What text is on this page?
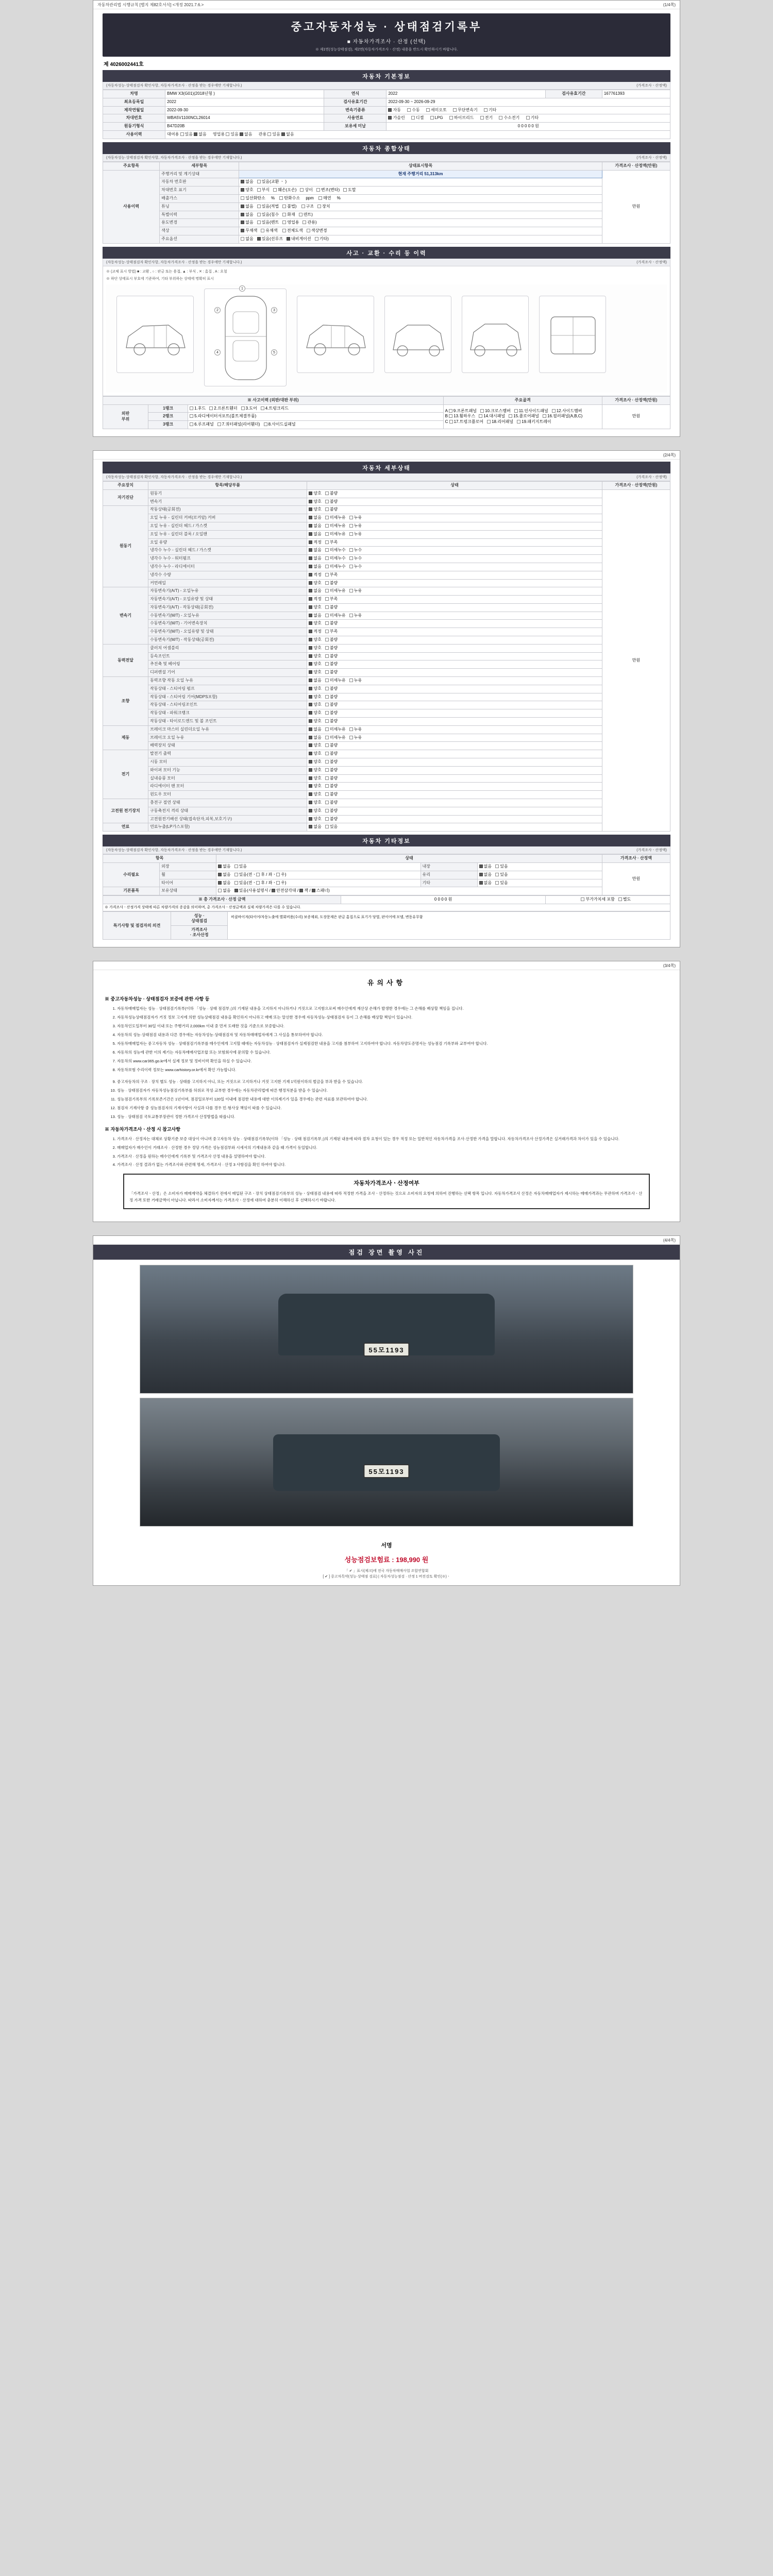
자동차관리법 시행규칙 [별지 제82호서식] <개정 2021.7.6.>	(1/4쪽)
중고자동차성능 · 상태점검기록부
■ 자동차가격조사 · 산정 (선택)
※ 제1면(성능상태점검), 제2면(자동차가격조사ㆍ산정) 내용을 반드시 확인하시기 바랍니다.
제 4026002441호
자동차 기본정보
(자동차성능·상태점검자 확인사항, 자동차가격조사 · 산정을 받는 경우에만 기재합니다.)	(가격조사ㆍ산정액)
차명	BMW X3(G01)(2018년형 )	연식	2022	검사유효기간	167761393
최초등록일	2022	검사유효기간	2022-09-30 ~ 2026-09-29		
제작연월일	2022-09-30	변속기종류	자동 수동 세미오토 무단변속기 기타		
차대번호	WBA5V1100NCL26014	사용연료	가솔린 디젤 LPG 하이브리드 전기 수소전기 기타		
원동기형식	B47D20B	보유세 미납	0 0 0 0 0 원		
사용이력	대여용 있음 없음 영업용 있음 없음 관용 있음 없음				
자동차 종합상태
(자동차성능·상태점검자 확인사항, 자동차가격조사 · 산정을 받는 경우에만 기재합니다.)	(가격조사ㆍ산정액)
주요항목	세부항목	상태표시항목	가격조사 · 산정액(만원)
사용이력	주행거리 및 계기상태	현재 주행거리 51,313km	만원
	자동차 번호판	없음 있음(교환 ㆍ )	
	차대번호 표기	양호 부식 훼손(오손) 상이 변조(변타) 도말	
	배출가스	일산화탄소     % 탄화수소     ppm 매연     %	
	튜닝	없음 있음(적법 불법) 구조 장치	
	특별이력	없음 있음(침수 화재 덴트)	
	용도변경	없음 있음(렌트 영업용 관용)	
	색상	무채색 유채색 전체도색 색상변경	
	주요옵션	없음 있음(선루프 내비게이션 기타)	
사고 · 교환 · 수리 등 이력
(자동차성능·상태점검자 확인사항, 자동차가격조사 · 산정을 받는 경우에만 기재합니다.)	(가격조사ㆍ산정액)
※ (교체 표시 방법) ■ : 교환 , ○ : 판금 또는 용접, ▲ : 부식 , ✕ : 흠집 , A : 요철
※ 하단 상태표시 부호에 기준하여, 기타 부위하는 상태에 명확히 표시
1
2	3
4	5
※ 사고이력 (외판/대판 부위)			주요골격	가격조사 · 산정액(만원)
외판
부위	1랭크	1.후드 2.프론트휀더 3.도어 4.트렁크리드	
A 9.프론트패널 10.크로스멤버 11.인사이드패널 12.사이드멤버
B 13.휠하우스 14.대시패널 15.플로어패널 16.필러패널(A,B,C)
C 17.트렁크플로어 18.리어패널 19.패키지트레이
	만원
	2랭크	5.라디에이터서포트(볼트체결부품)		
	3랭크	6.루프패널 7.쿼터패널(리어휀더) 8.사이드실패널		
(2/4쪽)
자동차 세부상태
(자동차성능·상태점검자 확인사항, 자동차가격조사 · 산정을 받는 경우에만 기재합니다.)	(가격조사ㆍ산정액)
주요장치	항목/해당부품	상태	가격조사 · 산정액(만원)
자기진단	원동기	양호 불량	만원
	변속기	양호 불량	
원동기	작동상태(공회전)	양호 불량	
	오일 누유 - 실린더 커버(로커암) 커버	없음 미세누유 누유	
	오일 누유 - 실린더 헤드 / 가스켓	없음 미세누유 누유	
	오일 누유 - 실린더 블록 / 오일팬	없음 미세누유 누유	
	오일 유량	적정 부족	
	냉각수 누수 - 실린더 헤드 / 가스켓	없음 미세누수 누수	
	냉각수 누수 - 워터펌프	없음 미세누수 누수	
	냉각수 누수 - 라디에이터	없음 미세누수 누수	
	냉각수 수량	적정 부족	
	커먼레일	양호 불량	
변속기	자동변속기(A/T) - 오일누유	없음 미세누유 누유	
	자동변속기(A/T) - 오일유량 및 상태	적정 부족	
	자동변속기(A/T) - 작동상태(공회전)	양호 불량	
	수동변속기(M/T) - 오일누유	없음 미세누유 누유	
	수동변속기(M/T) - 기어변속장치	양호 불량	
	수동변속기(M/T) - 오일유량 및 상태	적정 부족	
	수동변속기(M/T) - 작동상태(공회전)	양호 불량	
동력전달	클러치 어셈블리	양호 불량	
	등속조인트	양호 불량	
	추진축 및 베어링	양호 불량	
	디퍼렌셜 기어	양호 불량	
조향	동력조향 작동 오일 누유	없음 미세누유 누유	
	작동상태 - 스티어링 펌프	양호 불량	
	작동상태 - 스티어링 기어(MDPS포함)	양호 불량	
	작동상태 - 스티어링조인트	양호 불량	
	작동상태 - 파워크랭크	양호 불량	
	작동상태 - 타이로드엔드 및 볼 조인트	양호 불량	
제동	브레이크 마스터 실린더오일 누유	없음 미세누유 누유	
	브레이크 오일 누유	없음 미세누유 누유	
	배력장치 상태	양호 불량	
전기	발전기 출력	양호 불량	
	시동 모터	양호 불량	
	와이퍼 모터 기능	양호 불량	
	실내송풍 모터	양호 불량	
	라디에이터 팬 모터	양호 불량	
	윈도우 모터	양호 불량	
고전원 전기장치	충전구 절연 상태	양호 불량	
	구동축전지 격리 상태	양호 불량	
	고전원전기배선 상태(접속단자,피복,보호기구)	양호 불량	
연료	연료누출(LP가스포함)	없음 있음	
자동차 기타정보
(자동차성능·상태점검자 확인사항, 자동차가격조사 · 산정을 받는 경우에만 기재합니다.)	(가격조사ㆍ산정액)
항목		상태			가격조사 · 산정액
수리필요	외장	없음 있음	내장	없음 있음	만원
	휠	없음 있음(전ㆍ 후 / 좌ㆍ 우)	유리	없음 있음	
	타이어	없음 있음(전ㆍ 후 / 좌ㆍ 우)	기타	없음 있음	
기본품목	보유상태	없음 있음(사용설명서 / 안전삼각대 / 잭 / 스패너)			
※ 총 가격조사 · 산정 금액	0 0 0 0 원	부가가치세 포함 별도
※ 가격조사ㆍ산정가격 상태에 따른 차량가격의 증감을 의미하며, 총 가격조사ㆍ산정금액과 실제 차량가격은 다를 수 있습니다.
특기사항 및 점검자의 의견	성능 ·
상태점검	비클바이저(타이어/자동노출에 별회비용(수리) 보증제외, 도장문제은 판금 흠집으로 표기가 당열, 판이어에 모델, 변동유무함
가격조사
· 조사산정
(3/4쪽)
유의사항
※ 중고자동차성능 · 상태점검자 보증에 관한 사항 등
1. 자동차매매업자는 성능 · 상태점검기록부(이하 「성능 · 상태 점검부」)의 기재된 내용을 고지하지 아니하거나 거짓으로 고지함으로써 매수인에게 재산상 손해가 발생한 경우에는 그 손해를 배상할 책임을 집니다.
2. 자동차성능상태점검자가 거짓 정보 고지에 의한 성능상태점검 내용을 확인하지 아니하고 매매 또는 알선한 경우에 자동차성능·상태점검자 등이 그 손해를 배상할 책임이 있습니다.
3. 자동차인도일부터 30일 이내 또는 주행거리 2,000km 이내 중 먼저 도래한 것을 기준으로 보증합니다.
4. 자동차의 성능·상태점검 내용과 다른 경우에는 자동차성능·상태점검자 및 자동차매매업자에게 그 사실을 통보하여야 합니다.
5. 자동차매매업자는 중고자동차 성능 · 상태점검기록부를 매수인에게 고지할 때에는 자동차성능 · 상태점검자가 실제점검한 내용을 고지를 첨부하여 고지하여야 합니다. 자동차양도증명서는 성능점검 기록부와 교부여야 합니다.
6. 자동차의 성능에 관한 이의 제기는 자동차매매사업조합 또는 보험회사에 문의할 수 있습니다.
7. 자동차의 www.car365.go.kr에서 실제 정보 및 정비이력 확인을 하실 수 있습니다.
8. 자동차보험 수리이력 정보는 www.carhistory.or.kr에서 확인 가능합니다.
9. 중고자동차의 구조 · 장치 별도 성능 · 상태를 고지하지 아니, 또는 거짓으로 고지하거나 거짓 고지한 기재 1억원이하의 벌금을 부과 받을 수 있습니다.
10. 성능 · 상태점검자가 자동차성능점검기록부를 허위로 작성·교부한 경우에는 자동차관리법에 따른 행정처분을 받을 수 있습니다.
11. 성능점검기록부의 기록보존기간은 1년이며, 점검일로부터 120일 이내에 점검한 내용에 대한 이의제기가 있을 경우에는 관련 자료를 보관하여야 합니다.
12. 점검자 기재사항 중 성능점검자의 기재사항이 사실과 다를 경우 민·형사상 책임이 따를 수 있습니다.
13. 성능 · 상태점검 국토교통부장관이 정한 가격조사 산정방법을 따릅니다.
※ 자동차가격조사ㆍ산정 시 참고사항
1. 가격조사 · 산정자는 대체로 상황기준 보증 대상이 아니며 중고자동차 성능 · 상태점검기록부(이하 「성능 · 상태 점검기록부」)의 기재된 내용에 따라 절차 요청이 있는 경우 적정 또는 일반적인 자동차가격을 조사·산정한 가격을 말합니다. 자동차가격조사 산정가격은 실거래가격과 차이가 있을 수 있습니다.
2. 매매업자가 매수인이 거래조사 · 산정한 경우 정당 가격은 성능점검부와 시세서의 기재내용과 같을 때 가격이 동일합니다.
3. 가격조사 · 산정을 원하는 매수인에게 기록부 및 가격조사 산정 내용을 설명하여야 합니다.
4. 가격조사 · 산정 결과가 없는 가격조사와 관련해 명세, 가격조사 · 산정 3 사항검을 확인 하여야 합니다.
자동차가격조사ㆍ산정여부

「가격조사ㆍ산정」은 소비자가 매매계약을 체결하기 전에서 매입된 구조ㆍ장치 상태점검기록부의 성능ㆍ상태점검 내용에 따라 적정한 가격을 조사ㆍ산정하는 것으로 소비자의 요청에 의하여 진행하는 선택 항목 입니다. 자동차가격조사 산정은 자동차매매업자가 제시하는 매매가격과는 무관하며 가격조사ㆍ산정 가격 또한 거래금액이 아닙니다. 따라서 소비자께서는 가격조사ㆍ산정에 대하여 충분히 이해하신 후 선택하시기 바랍니다.

(4/4쪽)
점검 장면 촬영 사진
55모1193
55모1193
서명
성능점검보험료 : 198,990 원
「 ✔ 」표시(체크)에 전국 자동차매매사업 조합연합회
[ ✔ ] 중고차특약(성능·상태점 검료) | 자동차성능점검 · 산정 1 버전검토 확인(※)ㆍ
